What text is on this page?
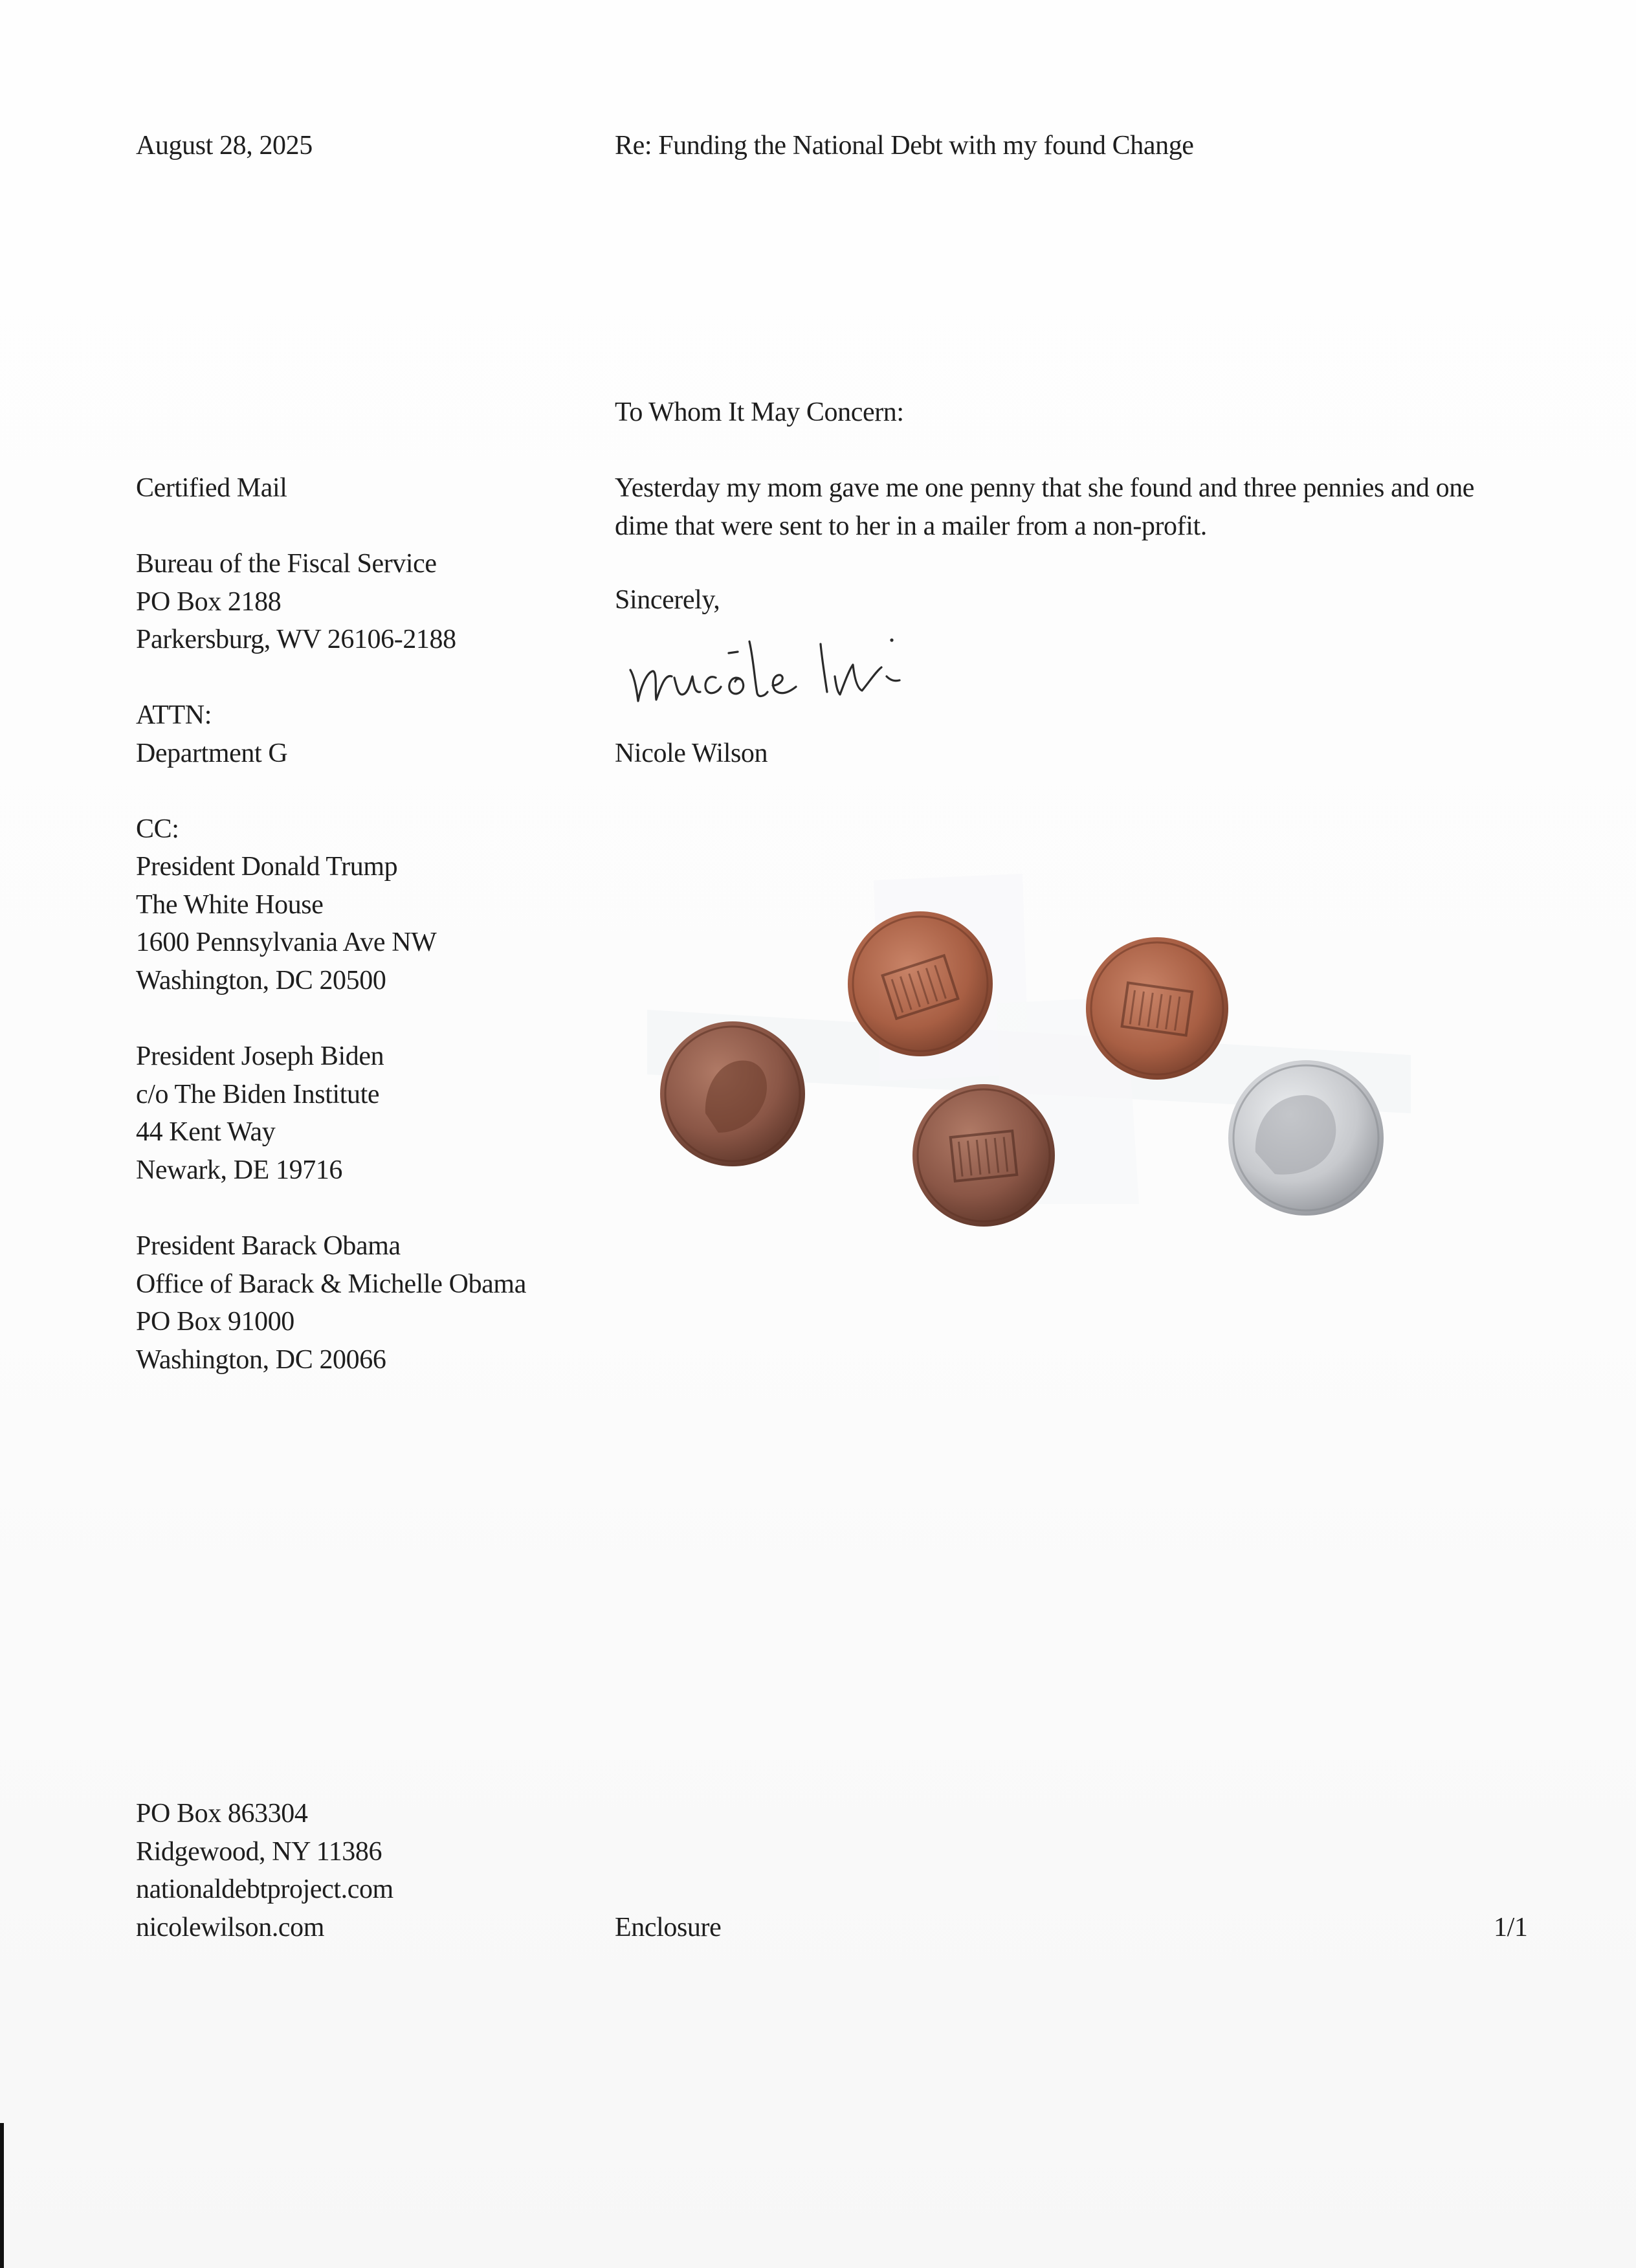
August 28, 2025	Re: Funding the National Debt with my found Change
To Whom It May Concern:
Yesterday my mom gave me one penny that she found and three pennies and one dime that were sent to her in a mailer from a non-profit.
Sincerely,
Nicole Wilson
Certified Mail
Bureau of the Fiscal Service
PO Box 2188
Parkersburg, WV 26106-2188
ATTN:
Department G
CC:
President Donald Trump
The White House
1600 Pennsylvania Ave NW
Washington, DC 20500
President Joseph Biden
c/o The Biden Institute
44 Kent Way
Newark, DE 19716
President Barack Obama
Office of Barack & Michelle Obama
PO Box 91000
Washington, DC 20066
PO Box 863304
Ridgewood, NY 11386
nationaldebtproject.com
nicolewilson.com	Enclosure	1/1
